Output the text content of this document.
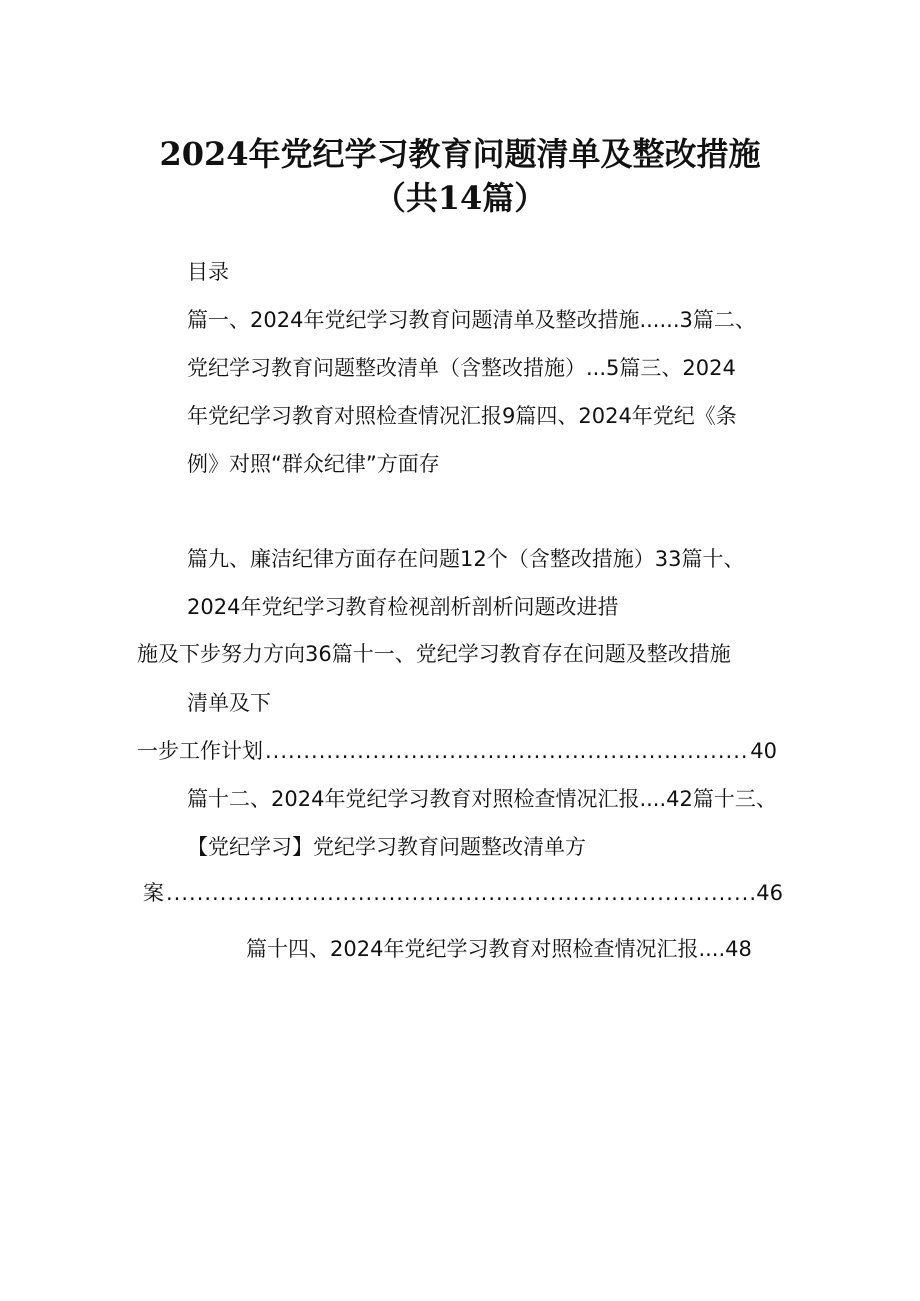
2024年党纪学习教育问题清单及整改措施
（共14篇）
目录
篇一、2024年党纪学习教育问题清单及整改措施......3篇二、
党纪学习教育问题整改清单（含整改措施）...5篇三、2024
年党纪学习教育对照检查情况汇报9篇四、2024年党纪《条
例》对照“群众纪律”方面存
篇九、廉洁纪律方面存在问题12个（含整改措施）33篇十、
2024年党纪学习教育检视剖析剖析问题改进措
施及下步努力方向36篇十一、党纪学习教育存在问题及整改措施
清单及下
一步工作计划 .....	40
篇十二、2024年党纪学习教育对照检查情况汇报....42篇十三、
【党纪学习】党纪学习教育问题整改清单方
案 .....	46
篇十四、2024年党纪学习教育对照检查情况汇报....48
